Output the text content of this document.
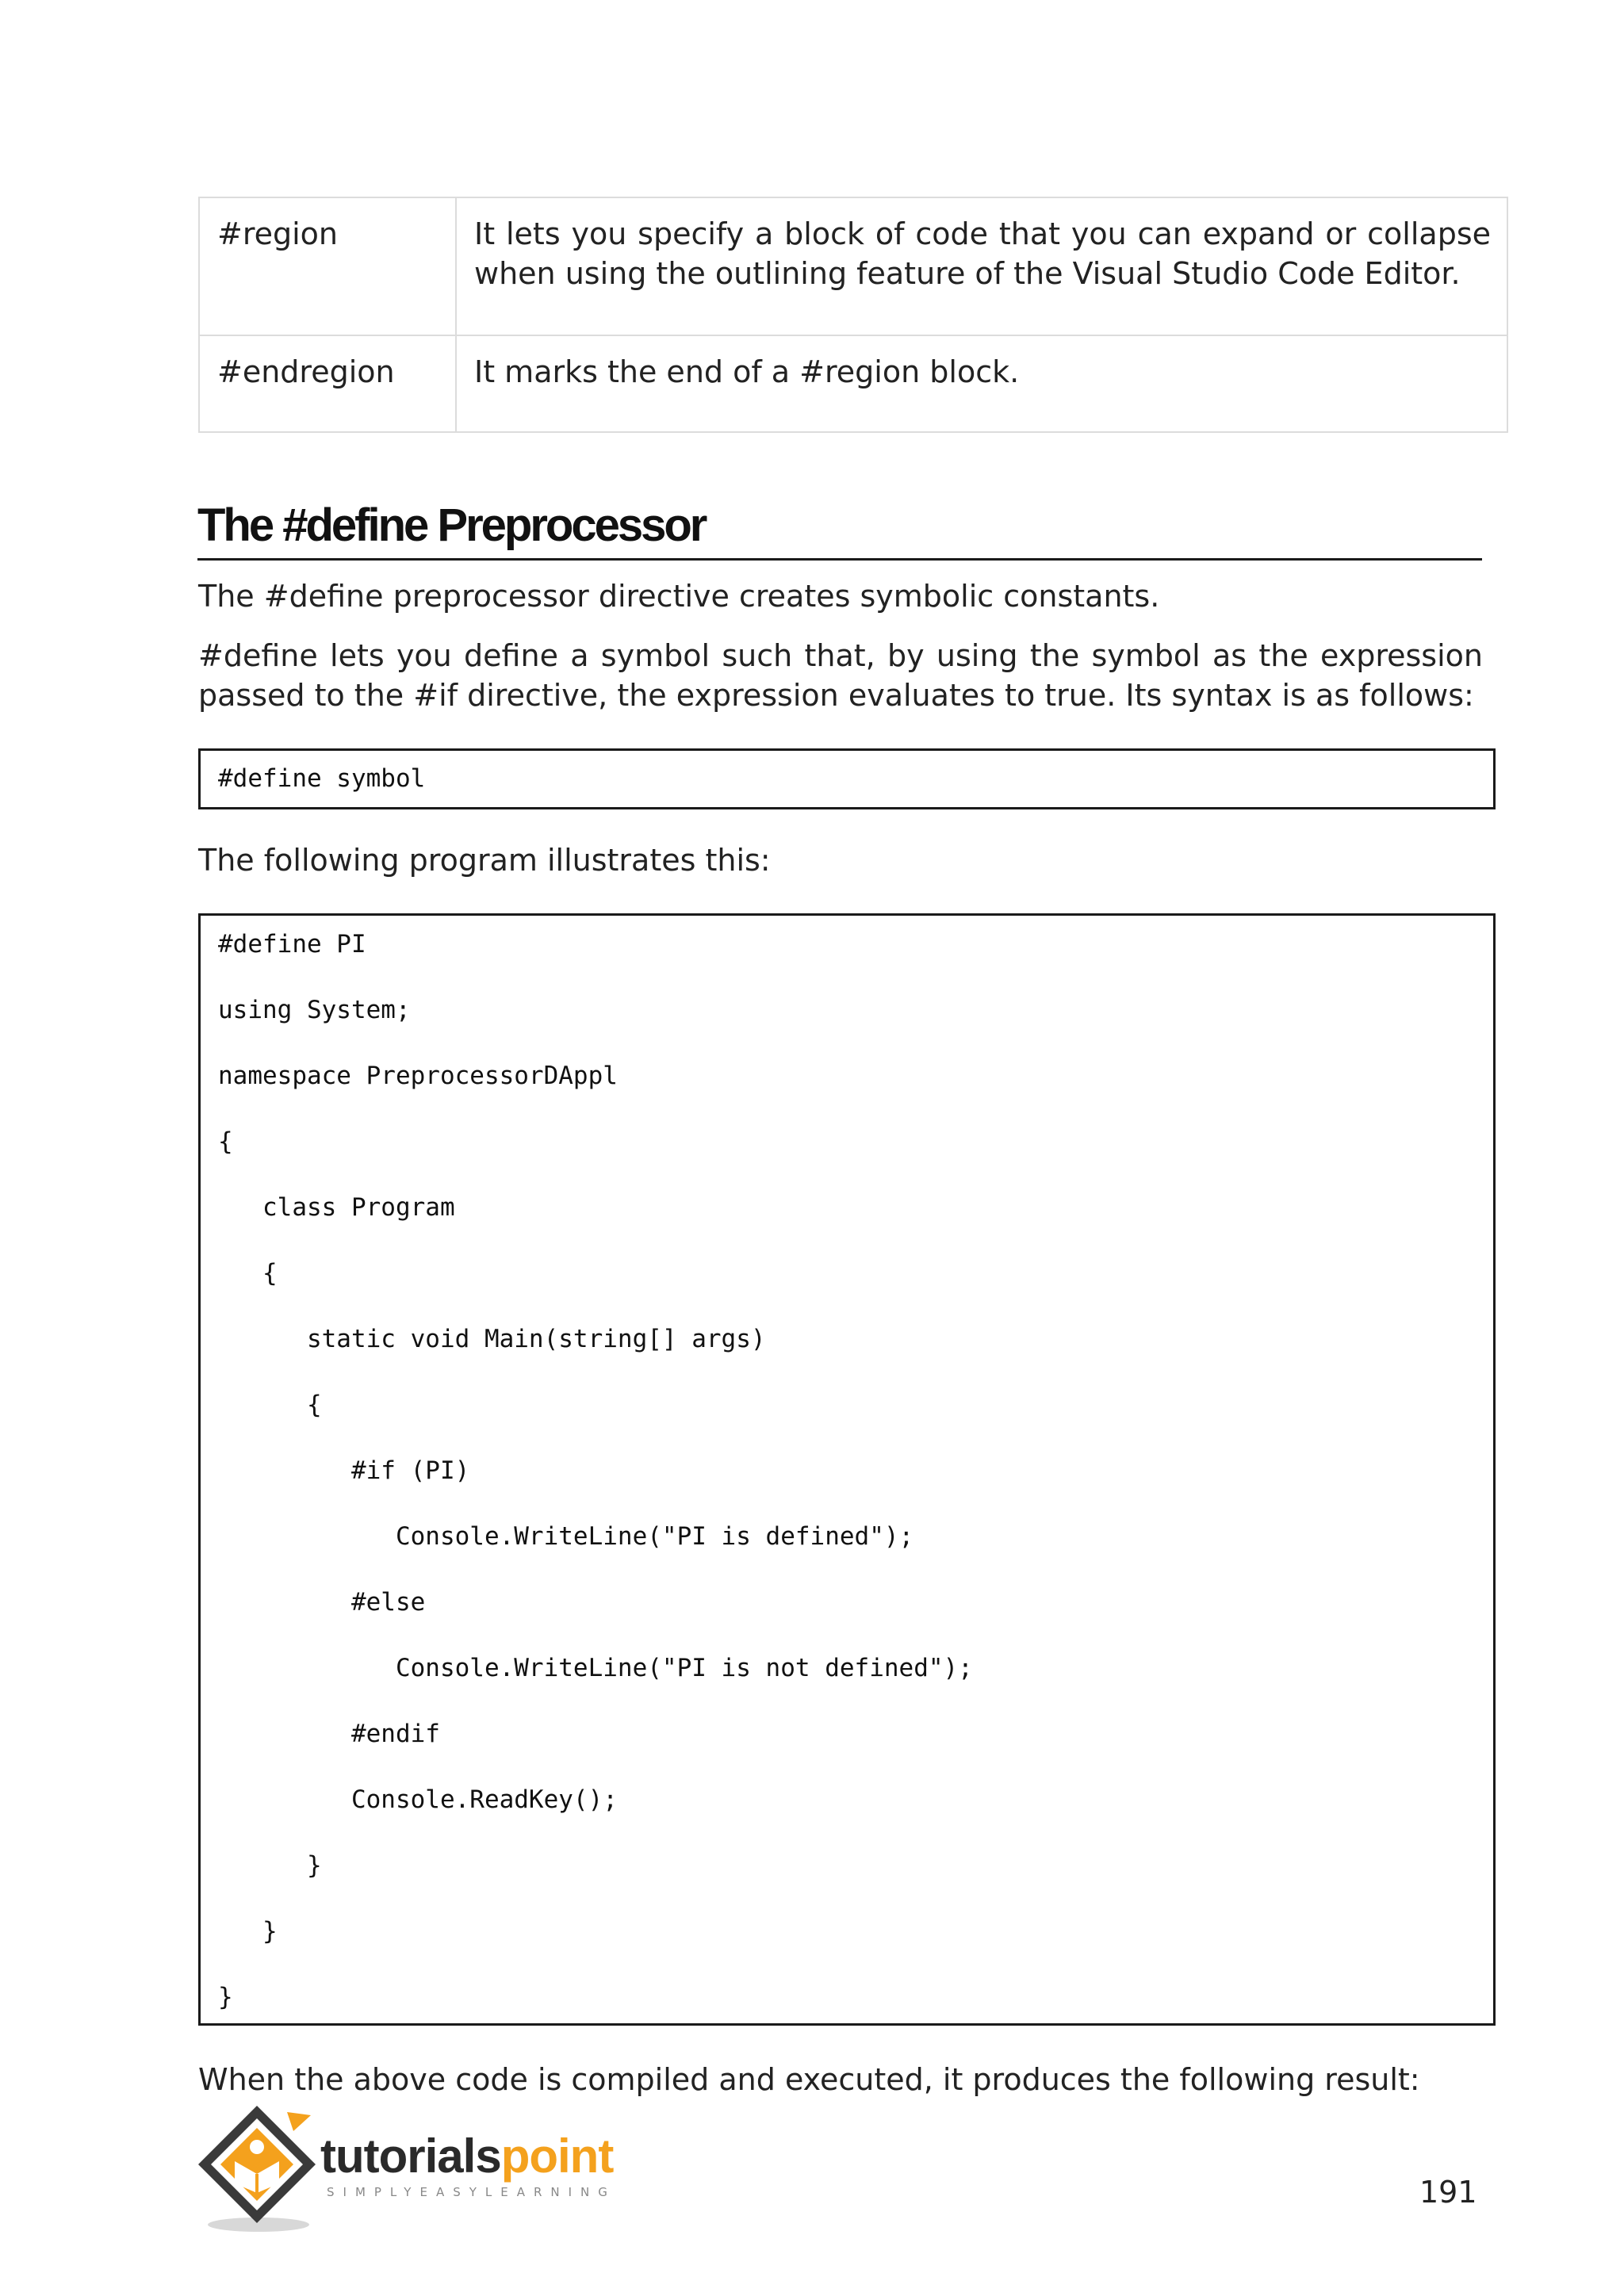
#region	It lets you specify a block of code that you can expand or collapse when using the outlining feature of the Visual Studio Code Editor.
#endregion	It marks the end of a #region block.
The #define Preprocessor

The #define preprocessor directive creates symbolic constants.

#define lets you define a symbol such that, by using the symbol as the expression passed to the #if directive, the expression evaluates to true. Its syntax is as follows:

#define symbol

The following program illustrates this:

#define PI
using System;
namespace PreprocessorDAppl
{
class Program
{
static void Main(string[] args)
{
#if (PI)
Console.WriteLine("PI is defined");
#else
Console.WriteLine("PI is not defined");
#endif
Console.ReadKey();
}
}
}

When the above code is compiled and executed, it produces the following result:

tutorialspoint
SIMPLYEASYLEARNING	191
